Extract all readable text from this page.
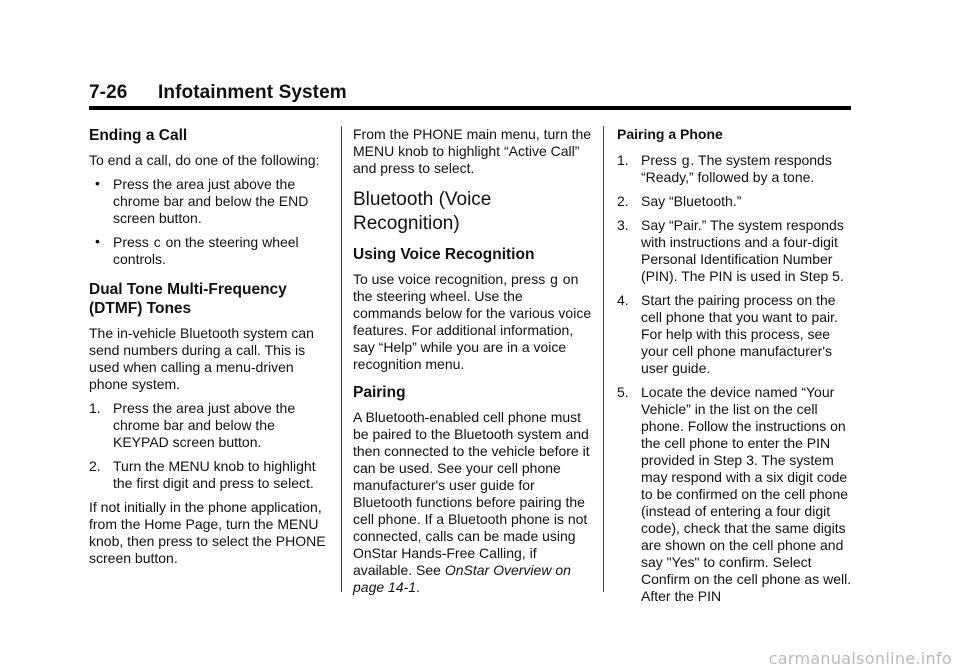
7-26 Infotainment System
Ending a Call

To end a call, do one of the following:

• Press the area just above the chrome bar and below the END screen button.
• Press c on the steering wheel controls.
Dual Tone Multi-Frequency (DTMF) Tones

The in-vehicle Bluetooth system can send numbers during a call. This is used when calling a menu-driven phone system.

1. Press the area just above the chrome bar and below the KEYPAD screen button.
2. Turn the MENU knob to highlight the first digit and press to select.

If not initially in the phone application, from the Home Page, turn the MENU knob, then press to select the PHONE screen button.

From the PHONE main menu, turn the MENU knob to highlight “Active Call” and press to select.

Bluetooth (Voice Recognition)
Using Voice Recognition

To use voice recognition, press g on the steering wheel. Use the commands below for the various voice features. For additional information, say “Help” while you are in a voice recognition menu.

Pairing

A Bluetooth-enabled cell phone must be paired to the Bluetooth system and then connected to the vehicle before it can be used. See your cell phone manufacturer's user guide for Bluetooth functions before pairing the cell phone. If a Bluetooth phone is not connected, calls can be made using OnStar Hands-Free Calling, if available. See OnStar Overview on page 14-1.

Pairing a Phone
1. Press g. The system responds “Ready,” followed by a tone.
2. Say “Bluetooth.”
3. Say “Pair.” The system responds with instructions and a four-digit Personal Identification Number (PIN). The PIN is used in Step 5.
4. Start the pairing process on the cell phone that you want to pair. For help with this process, see your cell phone manufacturer's user guide.
5. Locate the device named “Your Vehicle” in the list on the cell phone. Follow the instructions on the cell phone to enter the PIN provided in Step 3. The system may respond with a six digit code to be confirmed on the cell phone (instead of entering a four digit code), check that the same digits are shown on the cell phone and say "Yes" to confirm. Select Confirm on the cell phone as well. After the PIN
carmanualsonline.info
